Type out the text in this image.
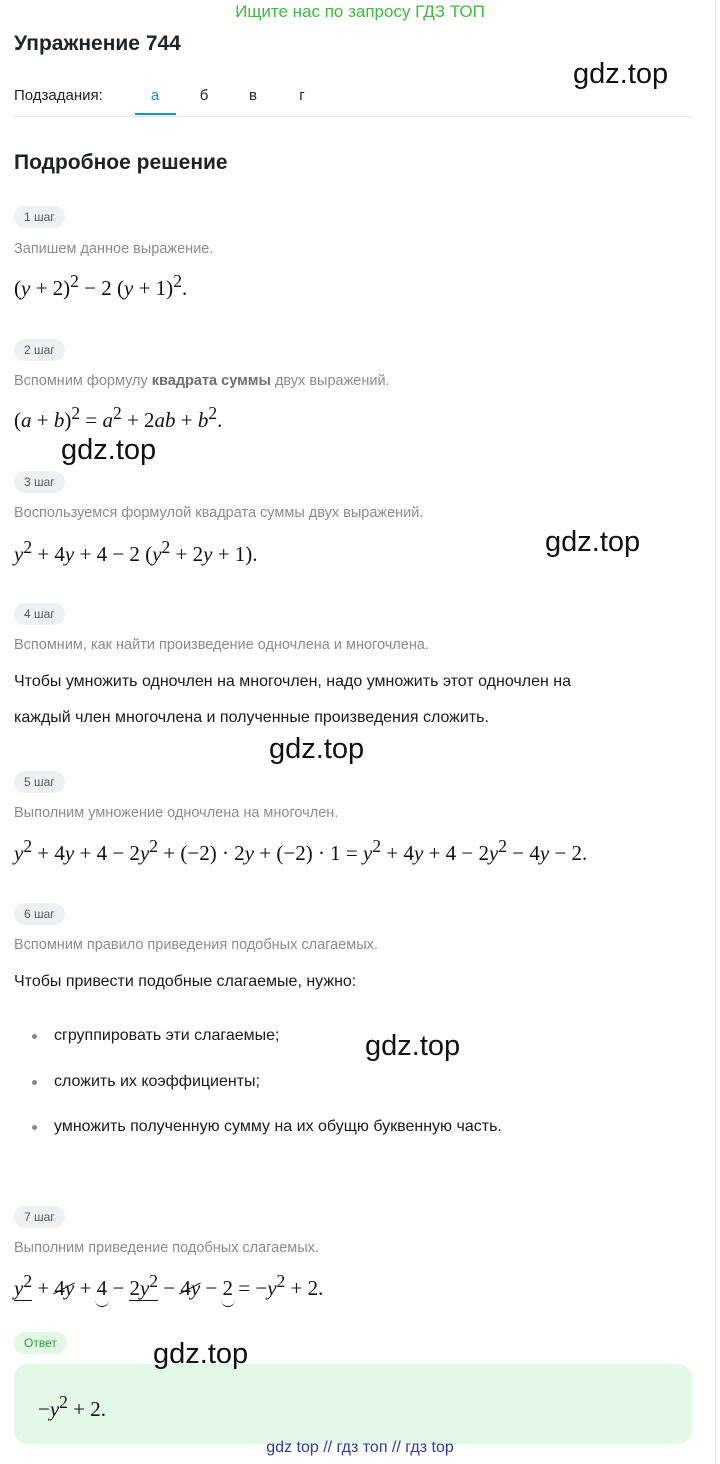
Ищите нас по запросу ГДЗ ТОП
Упражнение 744
gdz.top
Подзадания:	а	б	в	г
Подробное решение
1 шаг
Запишем данное выражение.
$(y + 2)^2 - 2$ $(y + 1)^2$.
2 шаг
Вспомним формулу квадрата суммы двух выражений.
$(a + b)^2 = a^2 + 2ab + b^2$.
gdz.top
3 шаг
Воспользуемся формулой квадрата суммы двух выражений.
$y^2 + 4y + 4 - 2$ $(y^2 + 2y + 1)$.	gdz.top
4 шаг
Вспомним, как найти произведение одночлена и многочлена.
Чтобы умножить одночлен на многочлен, надо умножить этот одночлен на
каждый член многочлена и полученные произведения сложить.
gdz.top
5 шаг
Выполним умножение одночлена на многочлен.
$y^2 + 4y + 4 - 2y^2 + (-2) \cdot 2y + (-2) \cdot 1 = y^2 + 4y + 4 - 2y^2 - 4y - 2$.
6 шаг
Вспомним правило приведения подобных слагаемых.
Чтобы привести подобные слагаемые, нужно:
сгруппировать эти слагаемые;
сложить их коэффициенты;
умножить полученную сумму на их обущю буквенную часть.
gdz.top
7 шаг
Выполним приведение подобных слагаемых.
$y^2 + 4y + 4 - 2y^2 - 4y - 2 = -y^2 + 2$.
Ответ
$-y^2 + 2$.
gdz.top
gdz top // гдз топ // гдз top
